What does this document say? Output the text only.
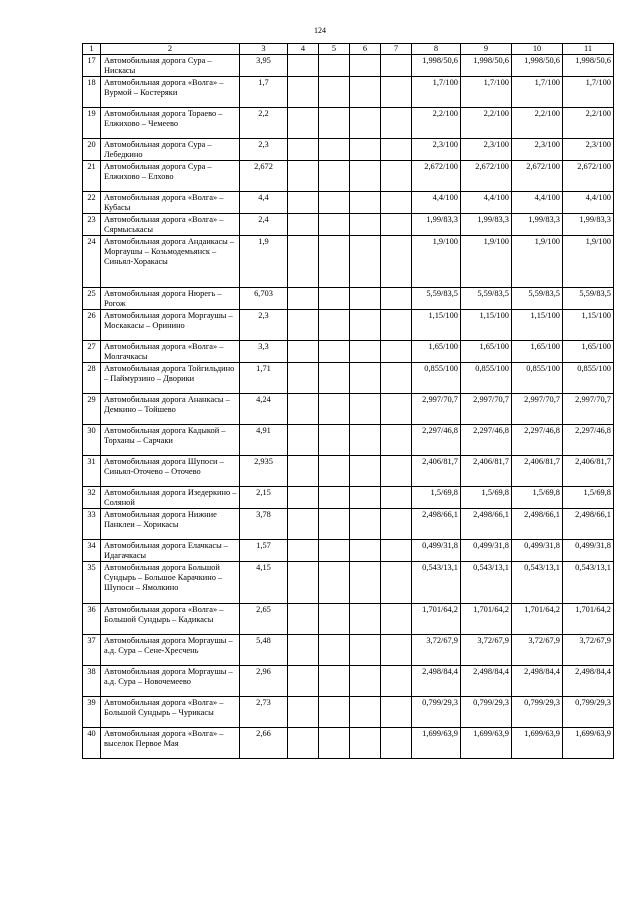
124
1	2	3	4	5	6	7	8	9	10	11
17	Автомобильная дорога Сура – Нискасы	3,95					1,998/50,6	1,998/50,6	1,998/50,6	1,998/50,6
18	Автомобильная дорога «Волга» – Вурмой – Костеряки	1,7					1,7/100	1,7/100	1,7/100	1,7/100
19	Автомобильная дорога Тораево – Елжихово – Чемеево	2,2					2,2/100	2,2/100	2,2/100	2,2/100
20	Автомобильная дорога Сура – Лебедкино	2,3					2,3/100	2,3/100	2,3/100	2,3/100
21	Автомобильная дорога Сура – Елжихово – Елхово	2,672					2,672/100	2,672/100	2,672/100	2,672/100
22	Автомобильная дорога «Волга» – Кубасы	4,4					4,4/100	4,4/100	4,4/100	4,4/100
23	Автомобильная дорога «Волга» – Сярмыськасы	2,4					1,99/83,3	1,99/83,3	1,99/83,3	1,99/83,3
24	Автомобильная дорога Андаикасы – Моргаушы – Козьмодемьянск – Синьял-Хоракасы	1,9					1,9/100	1,9/100	1,9/100	1,9/100
25	Автомобильная дорога Нюрегь – Рогож	6,703					5,59/83,5	5,59/83,5	5,59/83,5	5,59/83,5
26	Автомобильная дорога Моргаушы – Москакасы – Оринино	2,3					1,15/100	1,15/100	1,15/100	1,15/100
27	Автомобильная дорога «Волга» – Молгачкасы	3,3					1,65/100	1,65/100	1,65/100	1,65/100
28	Автомобильная дорога Тойгильдино – Паймурзино – Дворики	1,71					0,855/100	0,855/100	0,855/100	0,855/100
29	Автомобильная дорога Ананкасы – Демкино – Тойшево	4,24					2,997/70,7	2,997/70,7	2,997/70,7	2,997/70,7
30	Автомобильная дорога Кадыкой – Торханы – Сарчаки	4,91					2,297/46,8	2,297/46,8	2,297/46,8	2,297/46,8
31	Автомобильная дорога Шупоси – Синьял-Оточево – Оточево	2,935					2,406/81,7	2,406/81,7	2,406/81,7	2,406/81,7
32	Автомобильная дорога Изедеркино – Соляной	2,15					1,5/69,8	1,5/69,8	1,5/69,8	1,5/69,8
33	Автомобильная дорога Нижние Панклеи – Хорикасы	3,78					2,498/66,1	2,498/66,1	2,498/66,1	2,498/66,1
34	Автомобильная дорога Елачкасы – Идагачкасы	1,57					0,499/31,8	0,499/31,8	0,499/31,8	0,499/31,8
35	Автомобильная дорога Большой Сундырь – Большое Карачкино – Шупоси – Ямолкино	4,15					0,543/13,1	0,543/13,1	0,543/13,1	0,543/13,1
36	Автомобильная дорога «Волга» – Большой Сундырь – Кадикасы	2,65					1,701/64,2	1,701/64,2	1,701/64,2	1,701/64,2
37	Автомобильная дорога Моргаушы – а.д. Сура – Сене-Хресчень	5,48					3,72/67,9	3,72/67,9	3,72/67,9	3,72/67,9
38	Автомобильная дорога Моргаушы – а.д. Сура – Новочемеево	2,96					2,498/84,4	2,498/84,4	2,498/84,4	2,498/84,4
39	Автомобильная дорога «Волга» – Большой Сундырь – Чурикасы	2,73					0,799/29,3	0,799/29,3	0,799/29,3	0,799/29,3
40	Автомобильная дорога «Волга» – выселок Первое Мая	2,66					1,699/63,9	1,699/63,9	1,699/63,9	1,699/63,9
